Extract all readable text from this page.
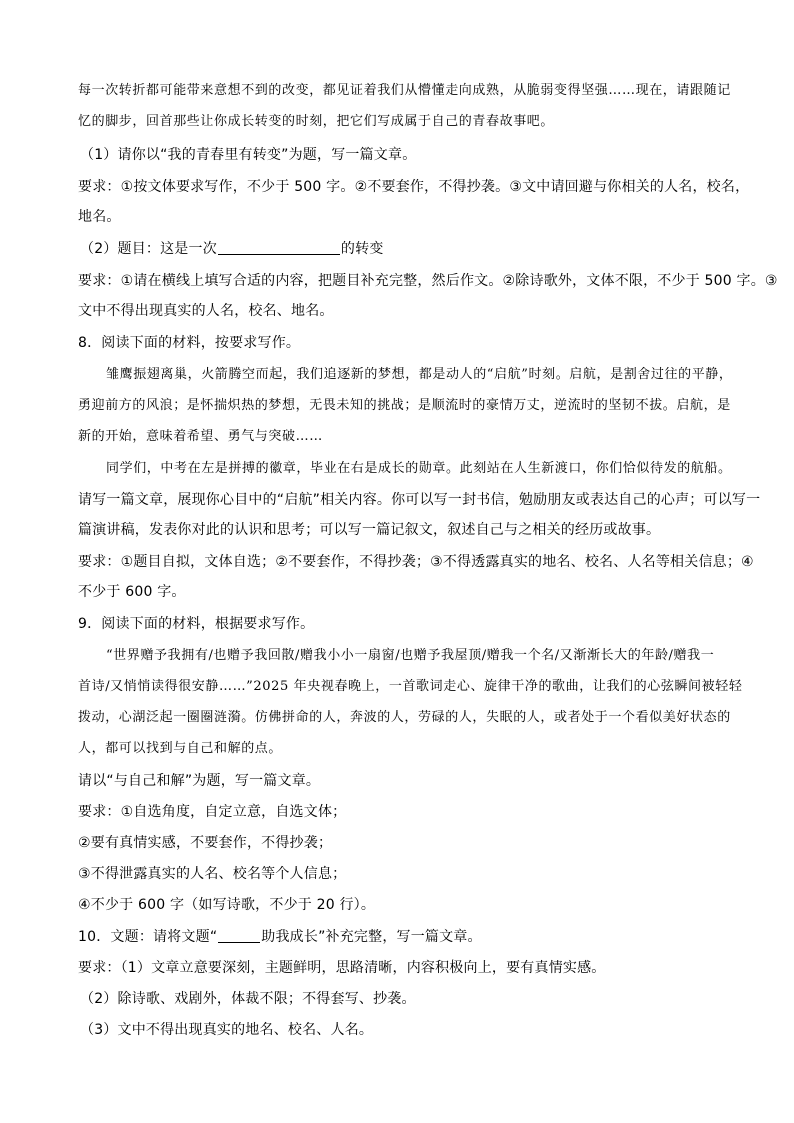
每一次转折都可能带来意想不到的改变，都见证着我们从懵懂走向成熟，从脆弱变得坚强……现在，请跟随记
忆的脚步，回首那些让你成长转变的时刻，把它们写成属于自己的青春故事吧。
（1）请你以“我的青春里有转变”为题，写一篇文章。
要求：①按文体要求写作，不少于 500 字。②不要套作，不得抄袭。③文中请回避与你相关的人名，校名，
地名。
（2）题目：这是一次	的转变
要求：①请在横线上填写合适的内容，把题目补充完整，然后作文。②除诗歌外，文体不限，不少于 500 字。③
文中不得出现真实的人名，校名、地名。
8．阅读下面的材料，按要求写作。
雏鹰振翅离巢，火箭腾空而起，我们追逐新的梦想，都是动人的“启航”时刻。启航，是割舍过往的平静，
勇迎前方的风浪；是怀揣炽热的梦想，无畏未知的挑战；是顺流时的豪情万丈，逆流时的坚韧不拔。启航，是
新的开始，意味着希望、勇气与突破……
同学们，中考在左是拼搏的徽章，毕业在右是成长的勋章。此刻站在人生新渡口，你们恰似待发的航船。
请写一篇文章，展现你心目中的“启航”相关内容。你可以写一封书信，勉励朋友或表达自己的心声；可以写一
篇演讲稿，发表你对此的认识和思考；可以写一篇记叙文，叙述自己与之相关的经历或故事。
要求：①题目自拟，文体自选；②不要套作，不得抄袭；③不得透露真实的地名、校名、人名等相关信息；④
不少于 600 字。
9．阅读下面的材料，根据要求写作。
“世界赠予我拥有/也赠予我回散/赠我小小一扇窗/也赠予我屋顶/赠我一个名/又渐渐长大的年龄/赠我一
首诗/又悄悄读得很安静……”2025 年央视春晚上，一首歌词走心、旋律干净的歌曲，让我们的心弦瞬间被轻轻
拨动，心湖泛起一圈圈涟漪。仿佛拼命的人，奔波的人，劳碌的人，失眠的人，或者处于一个看似美好状态的
人，都可以找到与自己和解的点。
请以“与自己和解”为题，写一篇文章。
要求：①自选角度，自定立意，自选文体；
②要有真情实感，不要套作，不得抄袭；
③不得泄露真实的人名、校名等个人信息；
④不少于 600 字（如写诗歌，不少于 20 行）。
10．文题：请将文题“	助我成长”补充完整，写一篇文章。
要求：（1）文章立意要深刻，主题鲜明，思路清晰，内容积极向上，要有真情实感。
（2）除诗歌、戏剧外，体裁不限；不得套写、抄袭。
（3）文中不得出现真实的地名、校名、人名。
